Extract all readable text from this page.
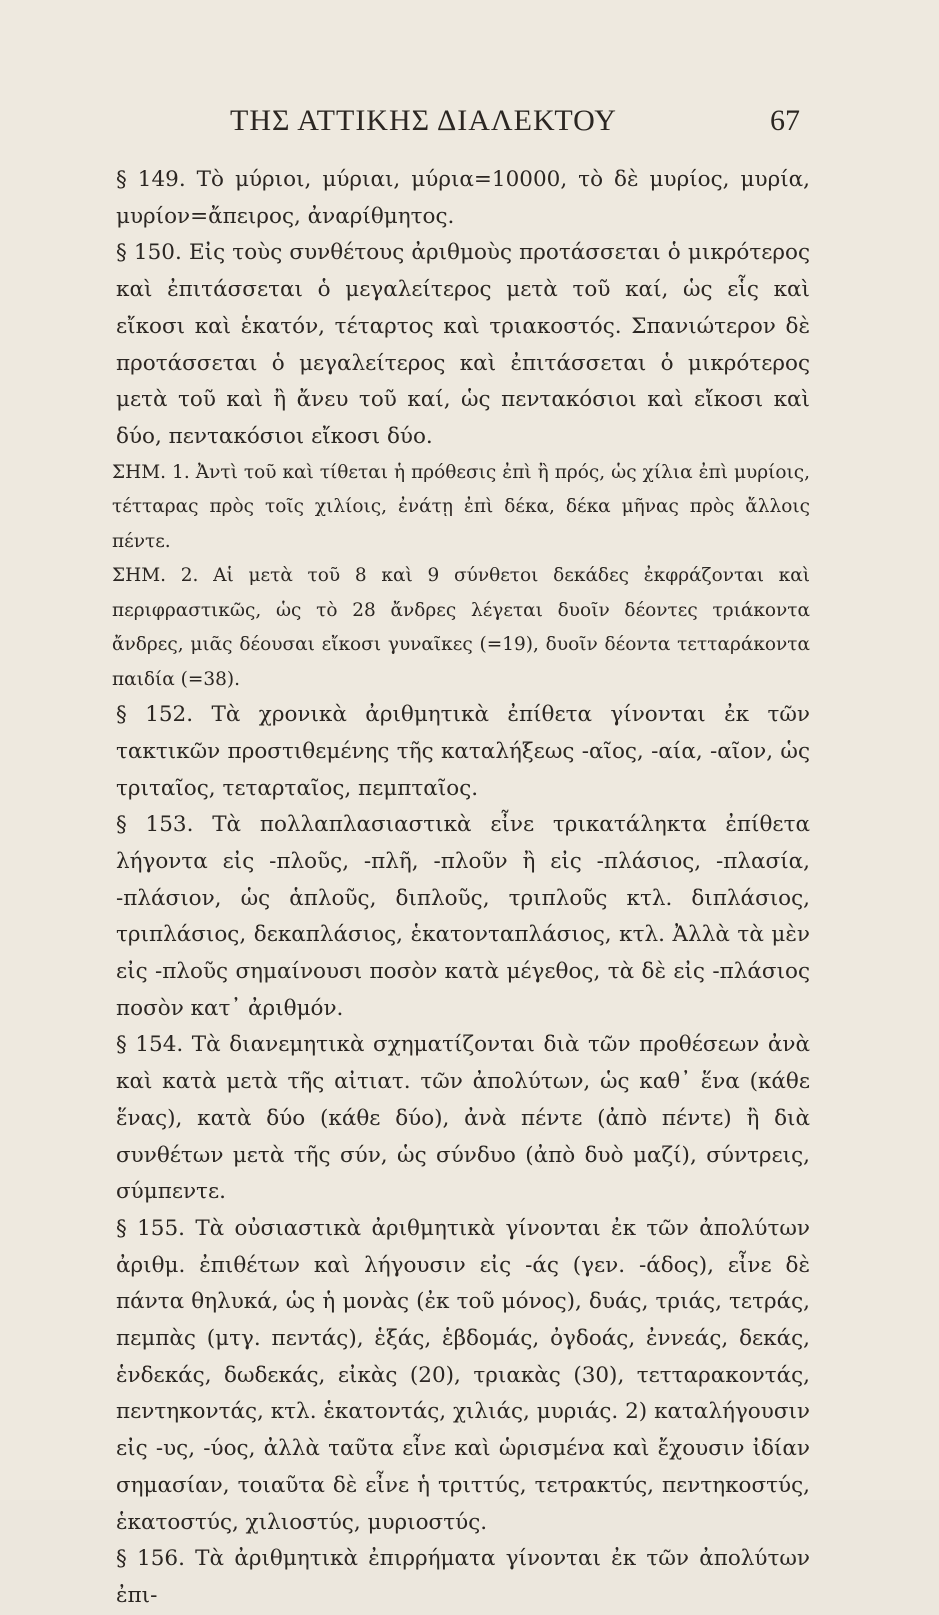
ΤΗΣ ΑΤΤΙΚΗΣ ΔΙΑΛΕΚΤΟΥ	67

§ 149. Τὸ μύριοι, μύριαι, μύρια=10000, τὸ δὲ μυρίος, μυρία, μυρίον=ἄπειρος, ἀναρίθμητος.

§ 150. Εἰς τοὺς συνθέτους ἀριθμοὺς προτάσσεται ὁ μικρότερος καὶ ἐπιτάσσεται ὁ μεγαλείτερος μετὰ τοῦ καί, ὡς εἷς καὶ εἴκοσι καὶ ἑκατόν, τέταρτος καὶ τριακοστός. Σπανιώτερον δὲ προτάσσεται ὁ μεγαλείτερος καὶ ἐπιτάσσεται ὁ μικρότερος μετὰ τοῦ καὶ ἢ ἄνευ τοῦ καί, ὡς πεντακόσιοι καὶ εἴκοσι καὶ δύο, πεντακόσιοι εἴκοσι δύο.

ΣΗΜ. 1. Ἀντὶ τοῦ καὶ τίθεται ἡ πρόθεσις ἐπὶ ἢ πρός, ὡς χίλια ἐπὶ μυρίοις, τέτταρας πρὸς τοῖς χιλίοις, ἐνάτῃ ἐπὶ δέκα, δέκα μῆνας πρὸς ἄλλοις πέντε.

ΣΗΜ. 2. Αἱ μετὰ τοῦ 8 καὶ 9 σύνθετοι δεκάδες ἐκφράζονται καὶ περιφραστικῶς, ὡς τὸ 28 ἄνδρες λέγεται δυοῖν δέοντες τριάκοντα ἄνδρες, μιᾶς δέουσαι εἴκοσι γυναῖκες (=19), δυοῖν δέοντα τετταράκοντα παιδία (=38).

§ 152. Τὰ χρονικὰ ἀριθμητικὰ ἐπίθετα γίνονται ἐκ τῶν τακτικῶν προστιθεμένης τῆς καταλήξεως -αῖος, -αία, -αῖον, ὡς τριταῖος, τεταρταῖος, πεμπταῖος.

§ 153. Τὰ πολλαπλασιαστικὰ εἶνε τρικατάληκτα ἐπίθετα λήγοντα εἰς -πλοῦς, -πλῆ, -πλοῦν ἢ εἰς -πλάσιος, -πλασία, -πλάσιον, ὡς ἁπλοῦς, διπλοῦς, τριπλοῦς κτλ. διπλάσιος, τριπλάσιος, δεκαπλάσιος, ἑκατονταπλάσιος, κτλ. Ἀλλὰ τὰ μὲν εἰς -πλοῦς σημαίνουσι ποσὸν κατὰ μέγεθος, τὰ δὲ εἰς -πλάσιος ποσὸν κατ᾽ ἀριθμόν.

§ 154. Τὰ διανεμητικὰ σχηματίζονται διὰ τῶν προθέσεων ἀνὰ καὶ κατὰ μετὰ τῆς αἰτιατ. τῶν ἀπολύτων, ὡς καθ᾽ ἕνα (κάθε ἕνας), κατὰ δύο (κάθε δύο), ἀνὰ πέντε (ἀπὸ πέντε) ἢ διὰ συνθέτων μετὰ τῆς σύν, ὡς σύνδυο (ἀπὸ δυὸ μαζί), σύντρεις, σύμπεντε.

§ 155. Τὰ οὐσιαστικὰ ἀριθμητικὰ γίνονται ἐκ τῶν ἀπολύτων ἀριθμ. ἐπιθέτων καὶ λήγουσιν εἰς -άς (γεν. -άδος), εἶνε δὲ πάντα θηλυκά, ὡς ἡ μονὰς (ἐκ τοῦ μόνος), δυάς, τριάς, τετράς, πεμπὰς (μτγ. πεντάς), ἑξάς, ἑβδομάς, ὀγδοάς, ἐννεάς, δεκάς, ἑνδεκάς, δωδεκάς, εἰκὰς (20), τριακὰς (30), τετταρακοντάς, πεντηκοντάς, κτλ. ἑκατοντάς, χιλιάς, μυριάς. 2) καταλήγουσιν εἰς -υς, -ύος, ἀλλὰ ταῦτα εἶνε καὶ ὡρισμένα καὶ ἔχουσιν ἰδίαν σημασίαν, τοιαῦτα δὲ εἶνε ἡ τριττύς, τετρακτύς, πεντηκοστύς, ἑκατοστύς, χιλιοστύς, μυριοστύς.

§ 156. Τὰ ἀριθμητικὰ ἐπιρρήματα γίνονται ἐκ τῶν ἀπολύτων ἐπι-
